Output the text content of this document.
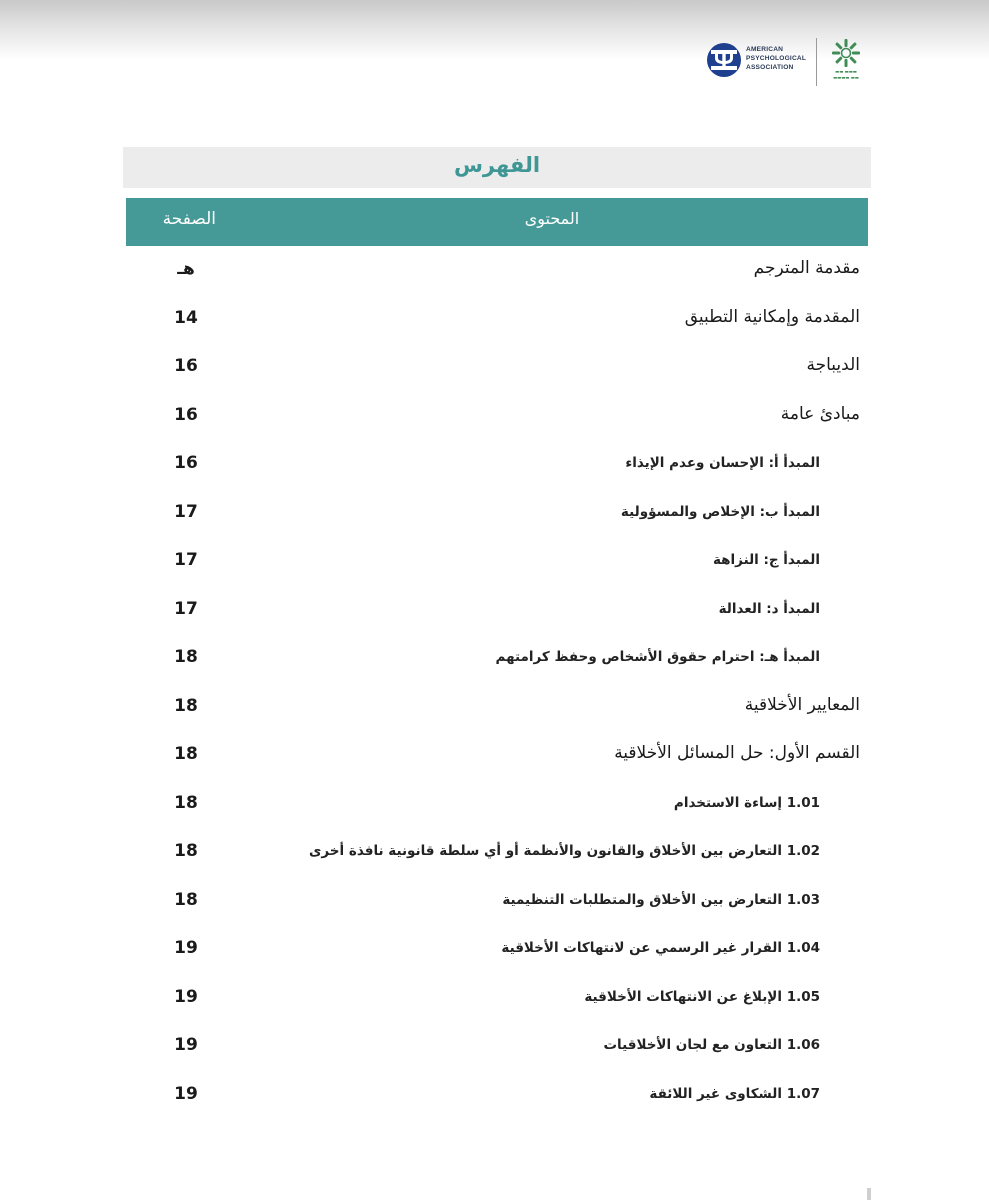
AMERICAN
PSYCHOLOGICAL
ASSOCIATION
▬▬▬ ▬▬
▬▬ ▬▬▬▬
الفهرس
المحتوى
الصفحة
مقدمة المترجم
هـ
المقدمة وإمكانية التطبيق
14
الديباجة
16
مبادئ عامة
16
المبدأ أ: الإحسان وعدم الإيذاء
16
المبدأ ب: الإخلاص والمسؤولية
17
المبدأ ج: النزاهة
17
المبدأ د: العدالة
17
المبدأ هـ: احترام حقوق الأشخاص وحفظ كرامتهم
18
المعايير الأخلاقية
18
القسم الأول: حل المسائل الأخلاقية
18
1.01 إساءة الاستخدام
18
1.02 التعارض بين الأخلاق والقانون والأنظمة أو أي سلطة قانونية نافذة أخرى
18
1.03 التعارض بين الأخلاق والمتطلبات التنظيمية
18
1.04 القرار غير الرسمي عن لانتهاكات الأخلاقية
19
1.05 الإبلاغ عن الانتهاكات الأخلاقية
19
1.06 التعاون مع لجان الأخلاقيات
19
1.07 الشكاوى غير اللائقة
19
